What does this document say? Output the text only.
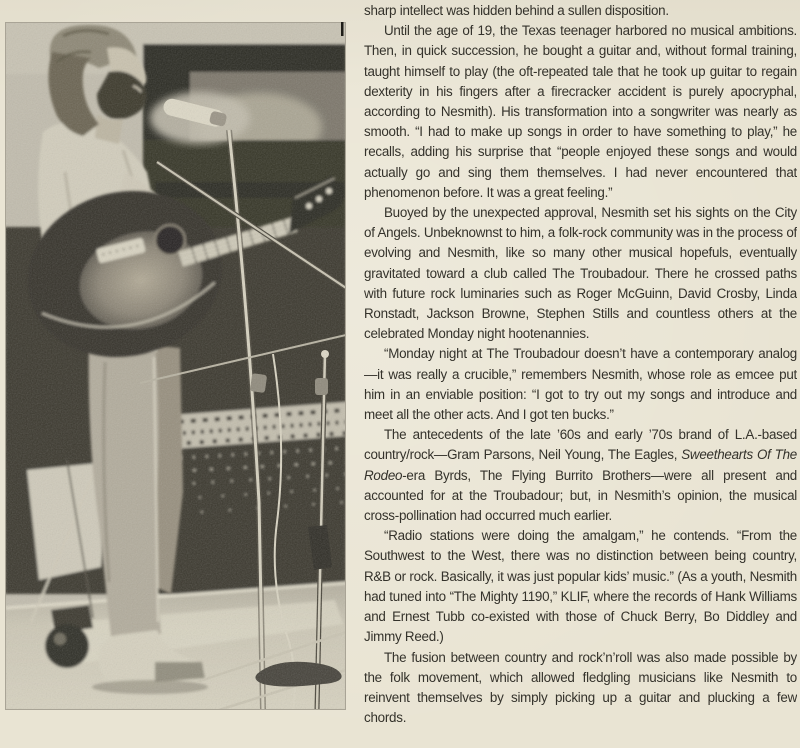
sharp intellect was hidden behind a sullen disposition.

Until the age of 19, the Texas teenager harbored no musical ambitions. Then, in quick succession, he bought a guitar and, without formal training, taught himself to play (the oft-repeated tale that he took up guitar to regain dexterity in his fingers after a firecracker accident is purely apocryphal, according to Nesmith). His transformation into a songwriter was nearly as smooth. “I had to make up songs in order to have something to play,” he recalls, adding his surprise that “people enjoyed these songs and would actually go and sing them themselves. I had never encountered that phenomenon before. It was a great feeling.”

Buoyed by the unexpected approval, Nesmith set his sights on the City of Angels. Unbeknownst to him, a folk-rock community was in the process of evolving and Nesmith, like so many other musical hopefuls, eventually gravitated toward a club called The Troubadour. There he crossed paths with future rock luminaries such as Roger McGuinn, David Crosby, Linda Ronstadt, Jackson Browne, Stephen Stills and countless others at the celebrated Monday night hootenannies.

“Monday night at The Troubadour doesn’t have a contemporary analog—it was really a crucible,” remembers Nesmith, whose role as emcee put him in an enviable position: “I got to try out my songs and introduce and meet all the other acts. And I got ten bucks.”

The antecedents of the late ’60s and early ’70s brand of L.A.-based country/rock—Gram Parsons, Neil Young, The Eagles, Sweethearts Of The Rodeo-era Byrds, The Flying Burrito Brothers—were all present and accounted for at the Troubadour; but, in Nesmith’s opinion, the musical cross-pollination had occurred much earlier.

“Radio stations were doing the amalgam,” he contends. “From the Southwest to the West, there was no distinction between being country, R&B or rock. Basically, it was just popular kids’ music.” (As a youth, Nesmith had tuned into “The Mighty 1190,” KLIF, where the records of Hank Williams and Ernest Tubb co-existed with those of Chuck Berry, Bo Diddley and Jimmy Reed.)

The fusion between country and rock’n’roll was also made possible by the folk movement, which allowed fledgling musicians like Nesmith to reinvent themselves by simply picking up a guitar and plucking a few chords.
